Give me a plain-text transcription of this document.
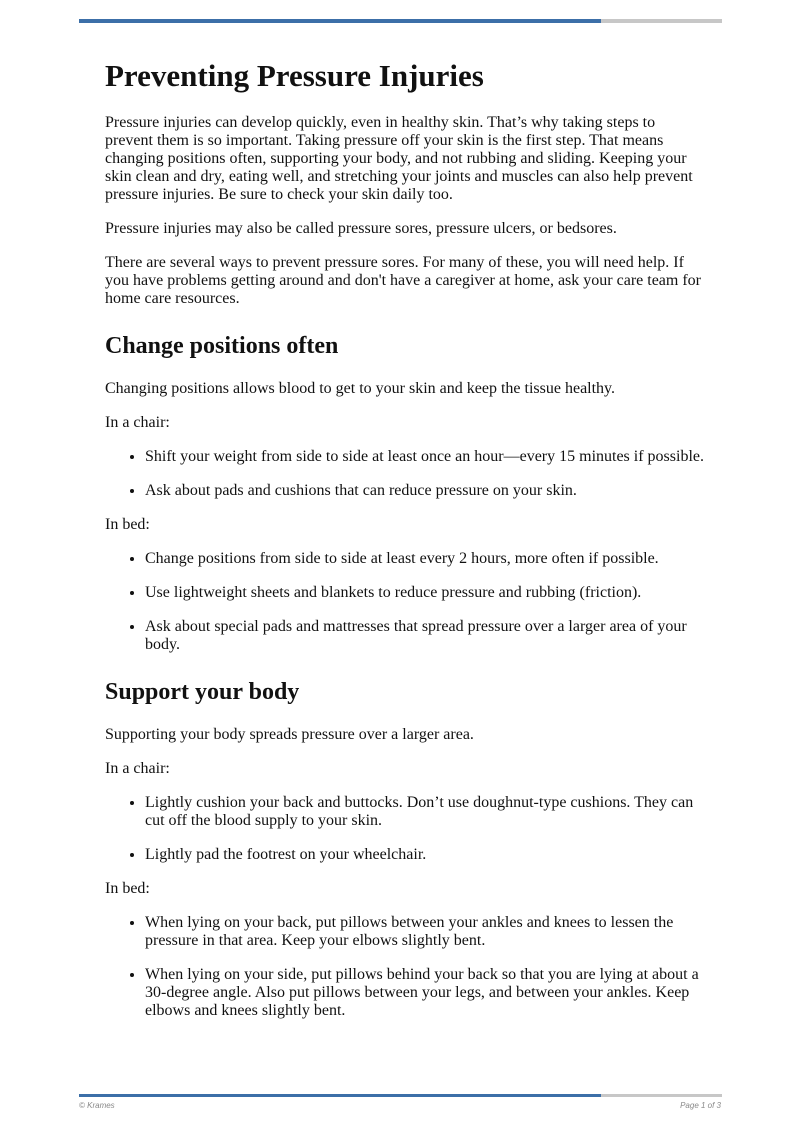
Preventing Pressure Injuries

Pressure injuries can develop quickly, even in healthy skin. That’s why taking steps to prevent them is so important. Taking pressure off your skin is the first step. That means changing positions often, supporting your body, and not rubbing and sliding. Keeping your skin clean and dry, eating well, and stretching your joints and muscles can also help prevent pressure injuries. Be sure to check your skin daily too.

Pressure injuries may also be called pressure sores, pressure ulcers, or bedsores.

There are several ways to prevent pressure sores. For many of these, you will need help. If you have problems getting around and don't have a caregiver at home, ask your care team for home care resources.

Change positions often

Changing positions allows blood to get to your skin and keep the tissue healthy.

In a chair:

• Shift your weight from side to side at least once an hour—every 15 minutes if possible.
• Ask about pads and cushions that can reduce pressure on your skin.

In bed:

• Change positions from side to side at least every 2 hours, more often if possible.
• Use lightweight sheets and blankets to reduce pressure and rubbing (friction).
• Ask about special pads and mattresses that spread pressure over a larger area of your body.
Support your body

Supporting your body spreads pressure over a larger area.

In a chair:

• Lightly cushion your back and buttocks. Don’t use doughnut-type cushions. They can cut off the blood supply to your skin.
• Lightly pad the footrest on your wheelchair.

In bed:

• When lying on your back, put pillows between your ankles and knees to lessen the pressure in that area. Keep your elbows slightly bent.
• When lying on your side, put pillows behind your back so that you are lying at about a 30-degree angle. Also put pillows between your legs, and between your ankles. Keep elbows and knees slightly bent.
© Krames	Page 1 of 3
